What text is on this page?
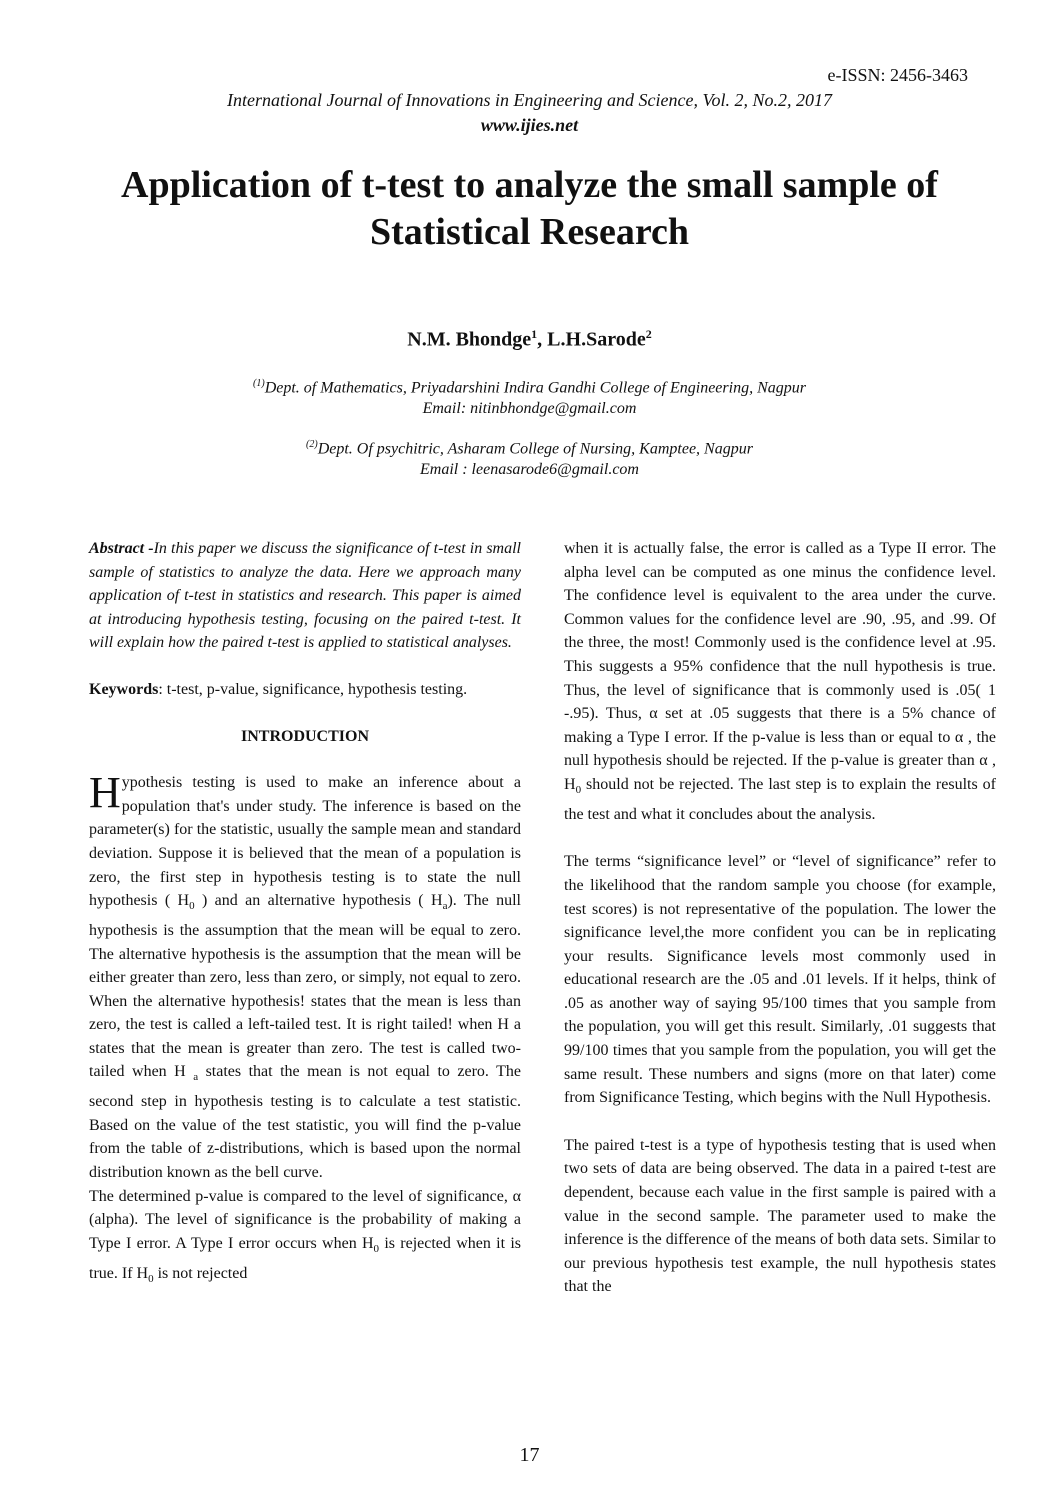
e-ISSN: 2456-3463
International Journal of Innovations in Engineering and Science, Vol. 2, No.2, 2017
www.ijies.net
Application of t-test to analyze the small sample of Statistical Research
N.M. Bhondge$^1$, L.H.Sarode$^2$
$^{(1)}$Dept. of Mathematics, Priyadarshini Indira Gandhi College of Engineering, Nagpur
Email: nitinbhondge@gmail.com
$^{(2)}$Dept. Of psychitric, Asharam College of Nursing, Kamptee, Nagpur
Email : leenasarode6@gmail.com

Abstract -In this paper we discuss the significance of t-test in small sample of statistics to analyze the data. Here we approach many application of t-test in statistics and research. This paper is aimed at introducing hypothesis testing, focusing on the paired t-test. It will explain how the paired t-test is applied to statistical analyses.

Keywords: t-test, p-value, significance, hypothesis testing.

INTRODUCTION

Hypothesis testing is used to make an inference about a population that's under study. The inference is based on the parameter(s) for the statistic, usually the sample mean and standard deviation. Suppose it is believed that the mean of a population is zero, the first step in hypothesis testing is to state the null hypothesis ( $H_0$ ) and an alternative hypothesis ( $H_a$). The null hypothesis is the assumption that the mean will be equal to zero. The alternative hypothesis is the assumption that the mean will be either greater than zero, less than zero, or simply, not equal to zero. When the alternative hypothesis! states that the mean is less than zero, the test is called a left-tailed test. It is right tailed! when H a states that the mean is greater than zero. The test is called two-tailed when H $_a$ states that the mean is not equal to zero. The second step in hypothesis testing is to calculate a test statistic. Based on the value of the test statistic, you will find the p-value from the table of z-distributions, which is based upon the normal distribution known as the bell curve.

The determined p-value is compared to the level of significance, α (alpha). The level of significance is the probability of making a Type I error. A Type I error occurs when $H_0$ is rejected when it is true. If $H_0$ is not rejected

when it is actually false, the error is called as a Type II error. The alpha level can be computed as one minus the confidence level. The confidence level is equivalent to the area under the curve. Common values for the confidence level are .90, .95, and .99. Of the three, the most! Commonly used is the confidence level at .95. This suggests a 95% confidence that the null hypothesis is true. Thus, the level of significance that is commonly used is .05( 1 -.95). Thus, α set at .05 suggests that there is a 5% chance of making a Type I error. If the p-value is less than or equal to α , the null hypothesis should be rejected. If the p-value is greater than α , $H_0$ should not be rejected. The last step is to explain the results of the test and what it concludes about the analysis.

The terms “significance level” or “level of significance” refer to the likelihood that the random sample you choose (for example, test scores) is not representative of the population. The lower the significance level,the more confident you can be in replicating your results. Significance levels most commonly used in educational research are the .05 and .01 levels. If it helps, think of .05 as another way of saying 95/100 times that you sample from the population, you will get this result. Similarly, .01 suggests that 99/100 times that you sample from the population, you will get the same result. These numbers and signs (more on that later) come from Significance Testing, which begins with the Null Hypothesis.

The paired t-test is a type of hypothesis testing that is used when two sets of data are being observed. The data in a paired t-test are dependent, because each value in the first sample is paired with a value in the second sample. The parameter used to make the inference is the difference of the means of both data sets. Similar to our previous hypothesis test example, the null hypothesis states that the

17
